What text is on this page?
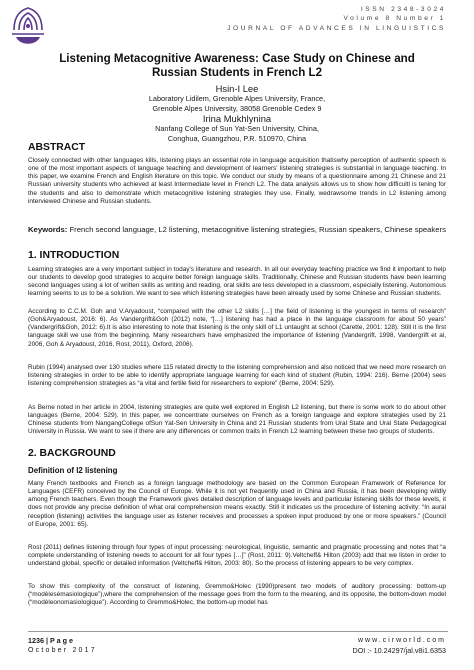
ISSN 2348-3024
Volume 8 Number 1
JOURNAL OF ADVANCES IN LINGUISTICS
Listening Metacognitive Awareness: Case Study on Chinese and
Russian Students in French L2
Hsin-I Lee
Laboratory Lidilem, Grenoble Alpes University, France,
Grenoble Alpes University, 38058 Grenoble Cedex 9
Irina Mukhlynina
Nanfang College of Sun Yat-Sen University, China,
Conghua, Guangzhou, P.R. 510970, China
ABSTRACT

Closely connected with other languages kills, listening plays an essential role in language acquisition thatiswhy perception of authentic speech is one of the most important aspects of language teaching and development of learners' listening strategies is substantial in language teaching. In this paper, we examine French and English literature on this topic. We conduct our study by means of a questionnaire among 21 Chinese and 21 Russian university students who achieved at least Intermediate level in French L2. The data analysis allows us to show how difficultl is tening for the students and also to demonstrate which metacognitive listening strategies they use. Finally, wedrawsome trends in L2 listening among interviewed Chinese and Russian students.

Keywords: French second language, L2 listening, metacognitive listening strategies, Russian speakers, Chinese speakers
1. INTRODUCTION

Learning strategies are a very important subject in today's literature and research. In all our everyday teaching practice we find it important to help our students to develop good strategies to acquire better foreign language skills. Traditionally, Chinese and Russian students have been learning second languages using a lot of written skills as writing and reading, oral skills are less developed in a classroom, especially listening. Autonomous learning seems to us to be a solution. We want to see which listening strategies have been already used by some Chinese and Russian students.

According to C.C.M. Goh and V.Aryadoust, “compared with the other L2 skills […] the field of listening is the youngest in terms of research” (Goh&Aryadoust, 2016: 6). As Vandergrift&Goh (2012) note, “[…] listening has had a place in the language classroom for about 50 years” (Vandergrift&Goh, 2012: 6).It is also interesting to note that listening is the only skill of L1 untaught at school (Carette, 2001: 128). Still it is the first language skill we use from the beginning. Many researchers have emphasized the importance of listening (Vandergrift, 1998, Vandergrift et al, 2006, Goh & Aryadoust, 2016, Rost, 2011), Oxford, 2006).

Rubin (1994) analysed over 130 studies where 115 related directly to the listening comprehension and also noticed that we need more research on listening strategies in order to be able to identify appropriate language learning for each kind of student (Rubin, 1994: 216). Berne (2004) sees listening comprehension strategies as “a vital and fertile field for researchers to explore” (Berne, 2004: 529).

As Berne noted in her article in 2004, listening strategies are quite well explored in English L2 listening, but there is some work to do about other languages (Berne, 2004: 529). In this paper, we concentrate ourselves on French as a foreign language and explore strategies used by 21 Chinese students from NangangCollege ofSun Yat-Sen University in China and 21 Russian students from Ural State and Ural State Pedagogical University in Russia. We want to see if there are any differences or common traits in French L2 learning between these two groups of students.

2. BACKGROUND
Definition of l2 listening

Many French textbooks and French as a foreign language methodology are based on the Common European Framework of Reference for Languages (CEFR) conceived by the Council of Europe. While it is not yet frequently used in China and Russia, it has been developing wildly among French teachers. Even though the Framework gives detailed description of language levels and particular listening skills for these levels, it does not provide any precise definition of what oral comprehension means exactly. Still it indicates us the procedure of listening activity: “In aural reception (listening) activities the language user as listener receives and processes a spoken input produced by one or more speakers.” (Council of Europe, 2001: 65).

Rost (2011) defines listening through four types of input processing: neurological, linguistic, semantic and pragmatic processing and notes that “a complete understanding of listening needs to account for all four types […]” (Rost, 2011: 9).Veltcheff& Hilton (2003) add that we listen in order to understand global, specific or detailed information (Veltcheff& Hilton, 2003: 80). So the process of listening appears to be very complex.

To show this complexity of the construct of listening, Gremmo&Holec (1990)present two models of auditory processing: bottom-up (“modèlesémasiologique”),where the comprehension of the message goes from the form to the meaning, and its opposite, the bottom-down model (“modèleonomasiologique”). According to Gremmo&Holec, the bottom-up model has

1236 | P a g e
October 2017
www.cirworld.com
DOI :- 10.24297/jal.v8i1.6353
